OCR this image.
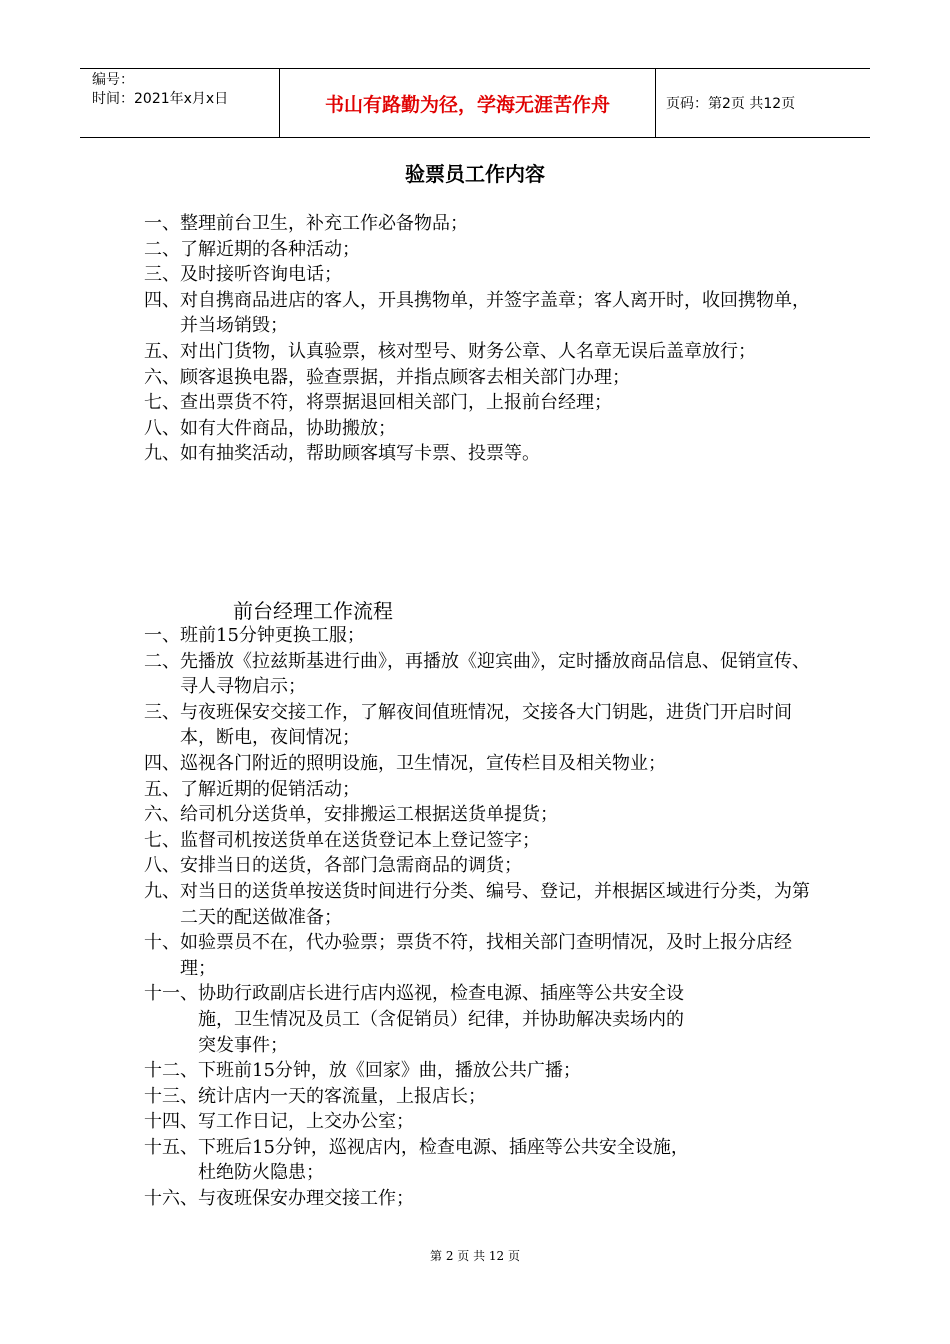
编号：
时间：2021年x月x日	书山有路勤为径，学海无涯苦作舟	页码：第2页 共12页
验票员工作内容
一、 整理前台卫生，补充工作必备物品；
二、 了解近期的各种活动；
三、 及时接听咨询电话；
四、 对自携商品进店的客人，开具携物单，并签字盖章；客人离开时，收回携物单，并当场销毁；
五、 对出门货物，认真验票，核对型号、财务公章、人名章无误后盖章放行；
六、 顾客退换电器，验查票据，并指点顾客去相关部门办理；
七、 查出票货不符，将票据退回相关部门，上报前台经理；
八、 如有大件商品，协助搬放；
九、 如有抽奖活动，帮助顾客填写卡票、投票等。
前台经理工作流程
一、 班前15分钟更换工服；
二、 先播放《拉兹斯基进行曲》，再播放《迎宾曲》，定时播放商品信息、促销宣传、寻人寻物启示；
三、 与夜班保安交接工作，了解夜间值班情况，交接各大门钥匙，进货门开启时间本，断电，夜间情况；
四、 巡视各门附近的照明设施，卫生情况，宣传栏目及相关物业；
五、 了解近期的促销活动；
六、 给司机分送货单，安排搬运工根据送货单提货；
七、 监督司机按送货单在送货登记本上登记签字；
八、 安排当日的送货，各部门急需商品的调货；
九、 对当日的送货单按送货时间进行分类、编号、登记，并根据区域进行分类，为第二天的配送做准备；
十、 如验票员不在，代办验票；票货不符，找相关部门查明情况，及时上报分店经理；
十一、 协助行政副店长进行店内巡视，检查电源、插座等公共安全设施，卫生情况及员工（含促销员）纪律，并协助解决卖场内的突发事件；
十二、 下班前15分钟，放《回家》曲，播放公共广播；
十三、 统计店内一天的客流量，上报店长；
十四、 写工作日记，上交办公室；
十五、 下班后15分钟，巡视店内，检查电源、插座等公共安全设施，杜绝防火隐患；
十六、 与夜班保安办理交接工作；
第 2 页 共 12 页
